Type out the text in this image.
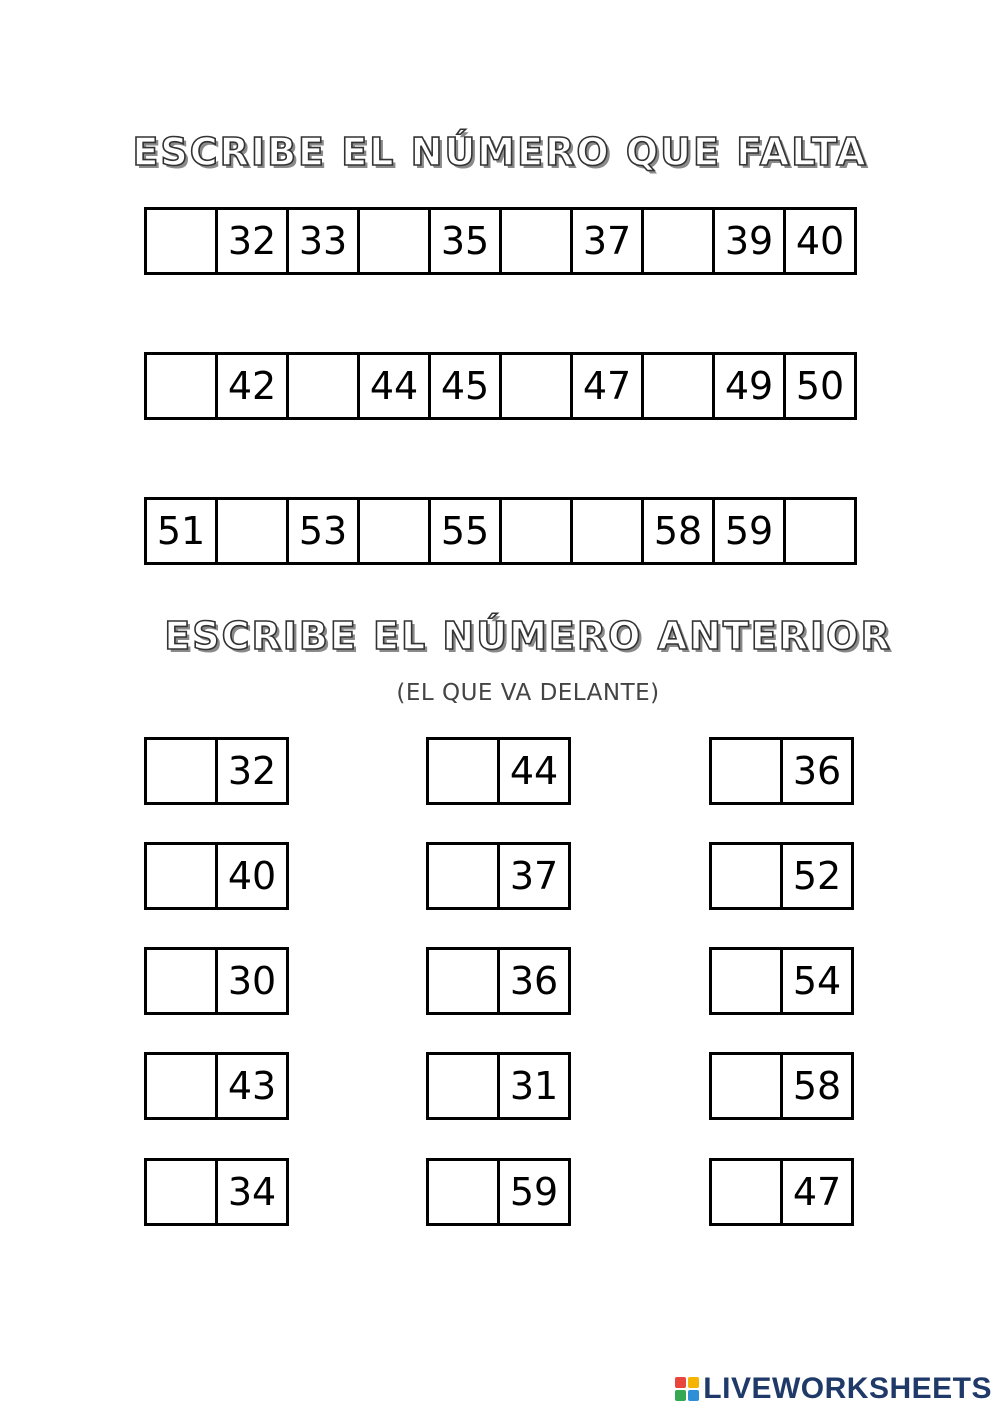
ESCRIBE EL NÚMERO QUE FALTA
32 33	35	37	39 40
42	44 45	47	49 50
51	53	55	58 59
ESCRIBE EL NÚMERO ANTERIOR
(EL QUE VA DELANTE)
32
40
30
43
34
44
37
36
31
59
36
52
54
58
47
LIVEWORKSHEETS
